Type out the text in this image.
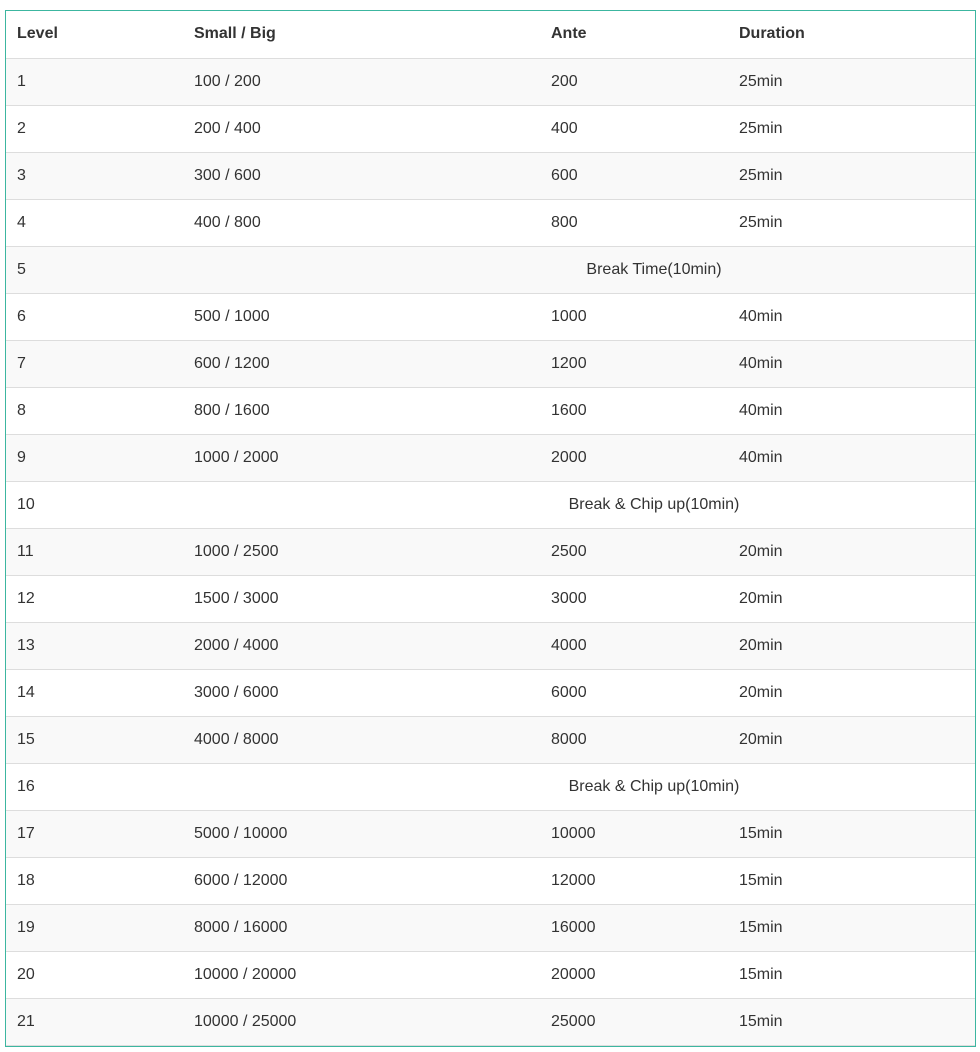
Level	Small / Big	Ante	Duration
1	100 / 200	200	25min
2	200 / 400	400	25min
3	300 / 600	600	25min
4	400 / 800	800	25min
5	Break Time(10min)		
6	500 / 1000	1000	40min
7	600 / 1200	1200	40min
8	800 / 1600	1600	40min
9	1000 / 2000	2000	40min
10	Break & Chip up(10min)		
11	1000 / 2500	2500	20min
12	1500 / 3000	3000	20min
13	2000 / 4000	4000	20min
14	3000 / 6000	6000	20min
15	4000 / 8000	8000	20min
16	Break & Chip up(10min)		
17	5000 / 10000	10000	15min
18	6000 / 12000	12000	15min
19	8000 / 16000	16000	15min
20	10000 / 20000	20000	15min
21	10000 / 25000	25000	15min
